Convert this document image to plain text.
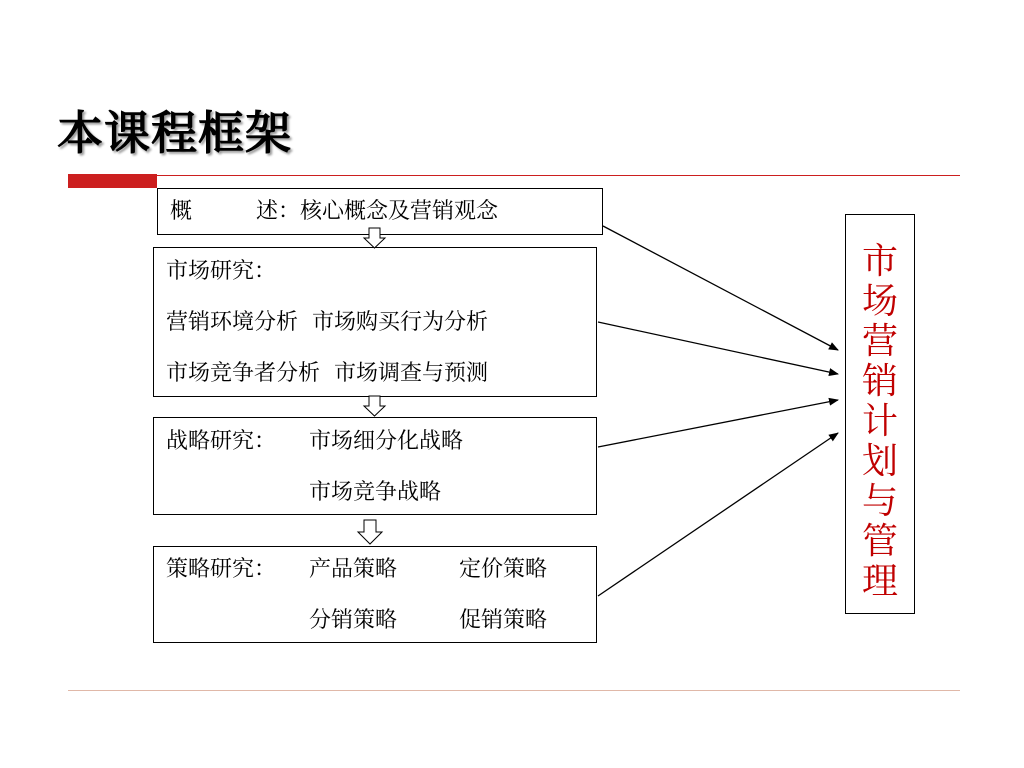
本课程框架
概	述：核心概念及营销观念
市场研究：
营销环境分析  市场购买行为分析
市场竞争者分析  市场调查与预测
战略研究： 市场细分化战略
市场竞争战略
策略研究： 产品策略	定价策略
分销策略	促销策略
市
场
营
销
计
划
与
管
理
